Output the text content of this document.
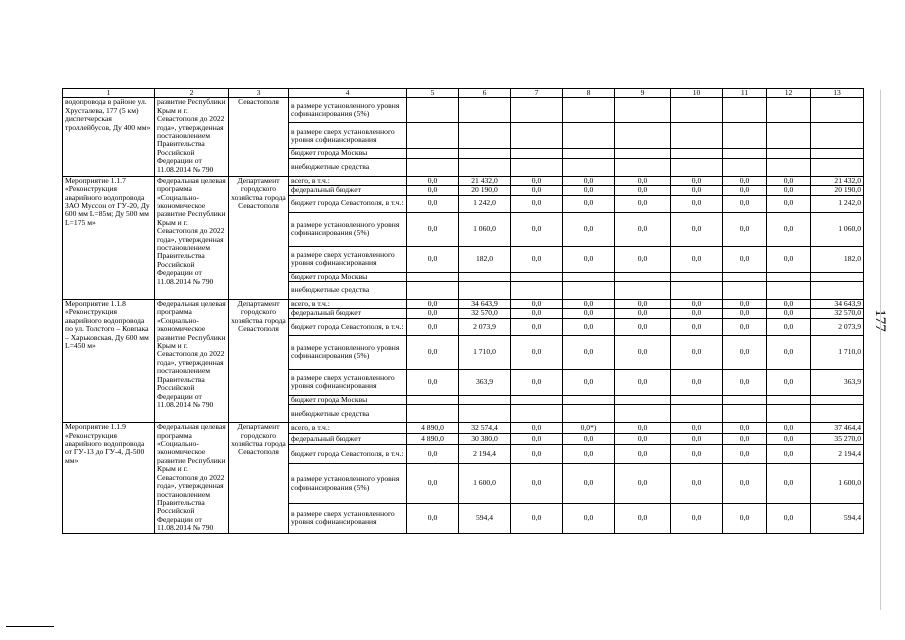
1	2	3	4	5	6	7	8	9	10	11	12	13
водопровода в районе ул. Хрусталева, 177 (5 км) диспетчерская троллейбусов, Ду 400 мм»	развитие Республики Крым и г. Севастополя до 2022 года», утвержденная постановлением Правительства Российской Федерации от 11.08.2014 № 790	Севастополя	в размере установленного уровня софинансирования (5%)									
			в размере сверх установленного уровня софинансирования									
			бюджет города Москвы									
			внебюджетные средства									
Мероприятие 1.1.7 «Реконструкция аварийного водопровода ЗАО Муссон от ГУ-20, Ду 600 мм L=85м; Ду 500 мм L=175 м»	Федеральная целевая программа «Социально-экономическое развитие Республики Крым и г. Севастополя до 2022 года», утвержденная постановлением Правительства Российской Федерации от 11.08.2014 № 790	Департамент городского хозяйства города Севастополя	всего, в т.ч.:	0,0	21 432,0	0,0	0,0	0,0	0,0	0,0	0,0	21 432,0
			федеральный бюджет	0,0	20 190,0	0,0	0,0	0,0	0,0	0,0	0,0	20 190,0
			бюджет города Севастополя, в т.ч.:	0,0	1 242,0	0,0	0,0	0,0	0,0	0,0	0,0	1 242,0
			в размере установленного уровня софинансирования (5%)	0,0	1 060,0	0,0	0,0	0,0	0,0	0,0	0,0	1 060,0
			в размере сверх установленного уровня софинансирования	0,0	182,0	0,0	0,0	0,0	0,0	0,0	0,0	182,0
			бюджет города Москвы									
			внебюджетные средства									
Мероприятие 1.1.8 «Реконструкция аварийного водопровода по ул. Толстого – Ковпака – Харьковская, Ду 600 мм L=450 м»	Федеральная целевая программа «Социально-экономическое развитие Республики Крым и г. Севастополя до 2022 года», утвержденная постановлением Правительства Российской Федерации от 11.08.2014 № 790	Департамент городского хозяйства города Севастополя	всего, в т.ч.:	0,0	34 643,9	0,0	0,0	0,0	0,0	0,0	0,0	34 643,9
			федеральный бюджет	0,0	32 570,0	0,0	0,0	0,0	0,0	0,0	0,0	32 570,0
			бюджет города Севастополя, в т.ч.:	0,0	2 073,9	0,0	0,0	0,0	0,0	0,0	0,0	2 073,9
			в размере установленного уровня софинансирования (5%)	0,0	1 710,0	0,0	0,0	0,0	0,0	0,0	0,0	1 710,0
			в размере сверх установленного уровня софинансирования	0,0	363,9	0,0	0,0	0,0	0,0	0,0	0,0	363,9
			бюджет города Москвы									
			внебюджетные средства									
Мероприятие 1.1.9 «Реконструкция аварийного водопровода от ГУ-13 до ГУ-4, Д-500 мм»	Федеральная целевая программа «Социально-экономическое развитие Республики Крым и г. Севастополя до 2022 года», утвержденная постановлением Правительства Российской Федерации от 11.08.2014 № 790	Департамент городского хозяйства города Севастополя	всего, в т.ч.:	4 890,0	32 574,4	0,0	0,0*)	0,0	0,0	0,0	0,0	37 464,4
			федеральный бюджет	4 890,0	30 380,0	0,0	0,0	0,0	0,0	0,0	0,0	35 270,0
			бюджет города Севастополя, в т.ч.:	0,0	2 194,4	0,0	0,0	0,0	0,0	0,0	0,0	2 194,4
			в размере установленного уровня софинансирования (5%)	0,0	1 600,0	0,0	0,0	0,0	0,0	0,0	0,0	1 600,0
			в размере сверх установленного уровня софинансирования	0,0	594,4	0,0	0,0	0,0	0,0	0,0	0,0	594,4
177
